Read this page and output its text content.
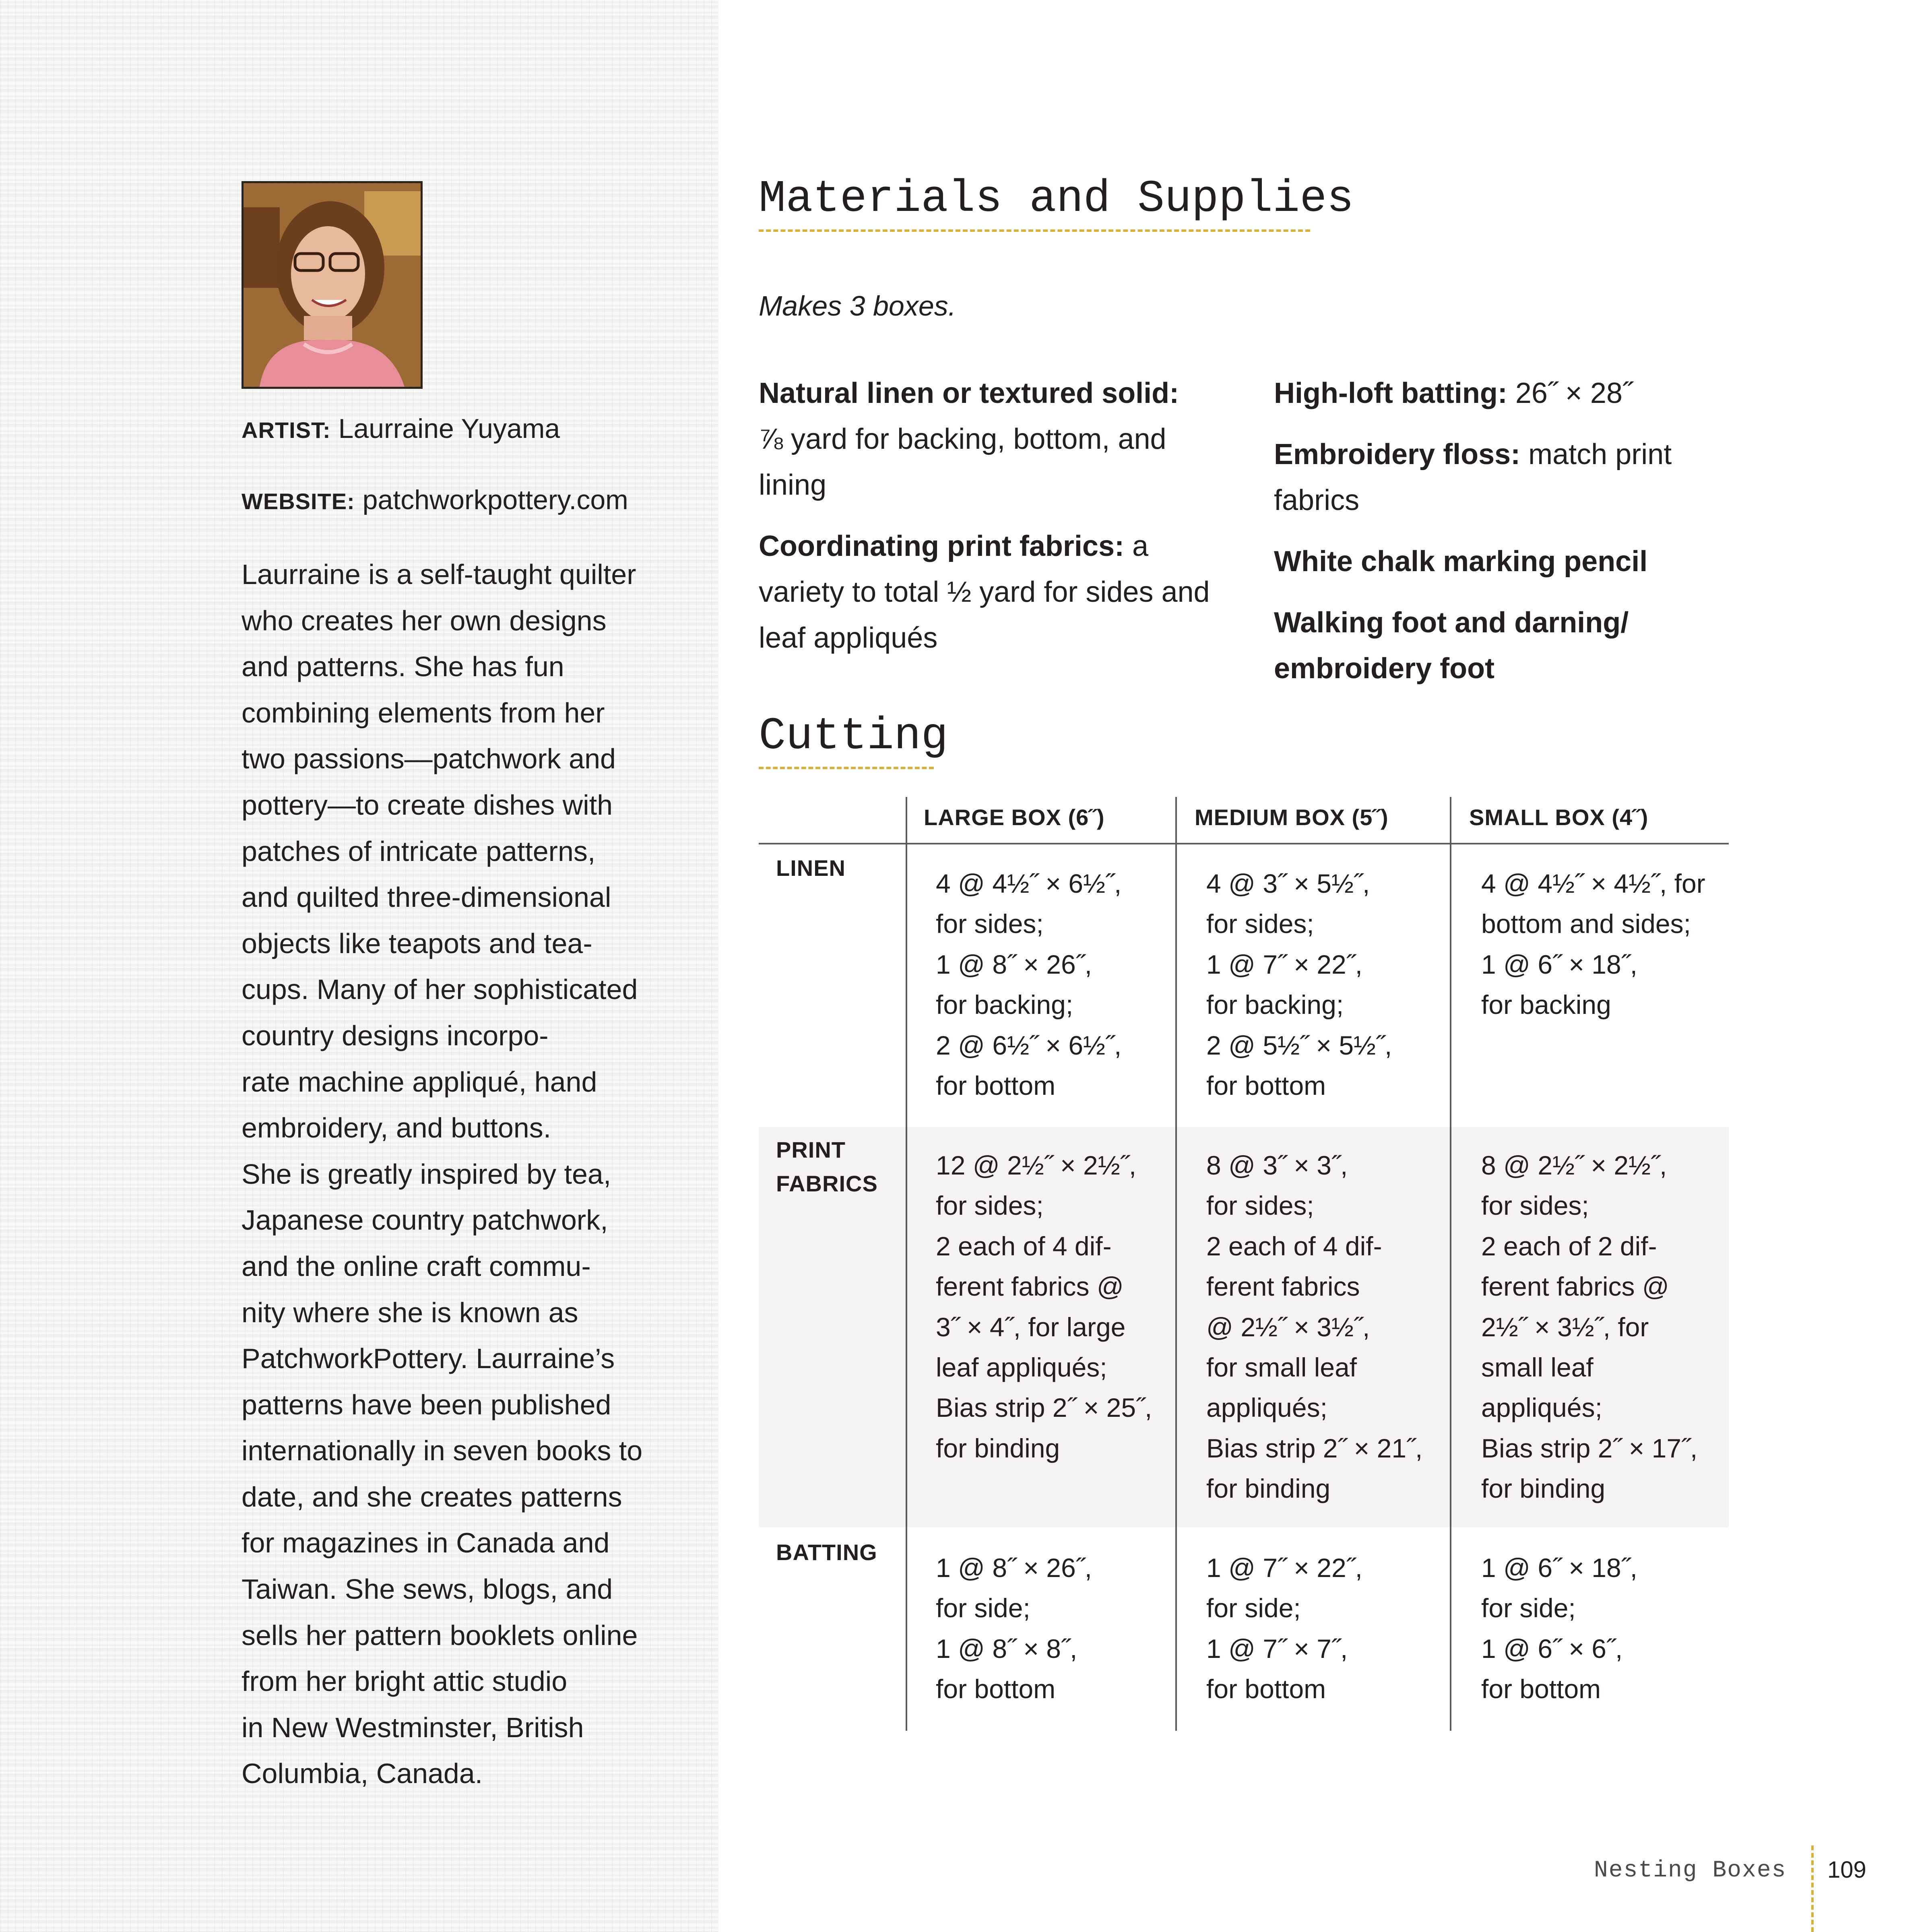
ARTIST: Laurraine Yuyama
WEBSITE: patchworkpottery.com
Laurraine is a self-taught quilter
who creates her own designs
and patterns. She has fun
combining elements from her
two passions—patchwork and
pottery—to create dishes with
patches of intricate patterns,
and quilted three-dimensional
objects like teapots and tea-
cups. Many of her sophisticated
country designs incorpo-
rate machine appliqué, hand
embroidery, and buttons.
She is greatly inspired by tea,
Japanese country patchwork,
and the online craft commu-
nity where she is known as
PatchworkPottery. Laurraine’s
patterns have been published
internationally in seven books to
date, and she creates patterns
for magazines in Canada and
Taiwan. She sews, blogs, and
sells her pattern booklets online
from her bright attic studio
in New Westminster, British
Columbia, Canada.
Materials and Supplies
Makes 3 boxes.
Natural linen or textured solid:
⅞ yard for backing, bottom, and lining
Coordinating print fabrics: a variety to total ½ yard for sides and leaf appliqués
High-loft batting: 26˝ × 28˝
Embroidery floss: match print fabrics
White chalk marking pencil
Walking foot and darning/ embroidery foot
Cutting
LARGE BOX (6˝)	MEDIUM BOX (5˝)	SMALL BOX (4˝)
LINEN
4 @ 4½˝ × 6½˝,
for sides;
1 @ 8˝ × 26˝,
for backing;
2 @ 6½˝ × 6½˝,
for bottom
4 @ 3˝ × 5½˝,
for sides;
1 @ 7˝ × 22˝,
for backing;
2 @ 5½˝ × 5½˝,
for bottom
4 @ 4½˝ × 4½˝, for
bottom and sides;
1 @ 6˝ × 18˝,
for backing
PRINT
FABRICS
12 @ 2½˝ × 2½˝,
for sides;
2 each of 4 dif-
ferent fabrics @
3˝ × 4˝, for large
leaf appliqués;
Bias strip 2˝ × 25˝,
for binding
8 @ 3˝ × 3˝,
for sides;
2 each of 4 dif-
ferent fabrics
@ 2½˝ × 3½˝,
for small leaf
appliqués;
Bias strip 2˝ × 21˝,
for binding
8 @ 2½˝ × 2½˝,
for sides;
2 each of 2 dif-
ferent fabrics @
2½˝ × 3½˝, for
small leaf
appliqués;
Bias strip 2˝ × 17˝,
for binding
BATTING
1 @ 8˝ × 26˝,
for side;
1 @ 8˝ × 8˝,
for bottom
1 @ 7˝ × 22˝,
for side;
1 @ 7˝ × 7˝,
for bottom
1 @ 6˝ × 18˝,
for side;
1 @ 6˝ × 6˝,
for bottom
Nesting Boxes 109
